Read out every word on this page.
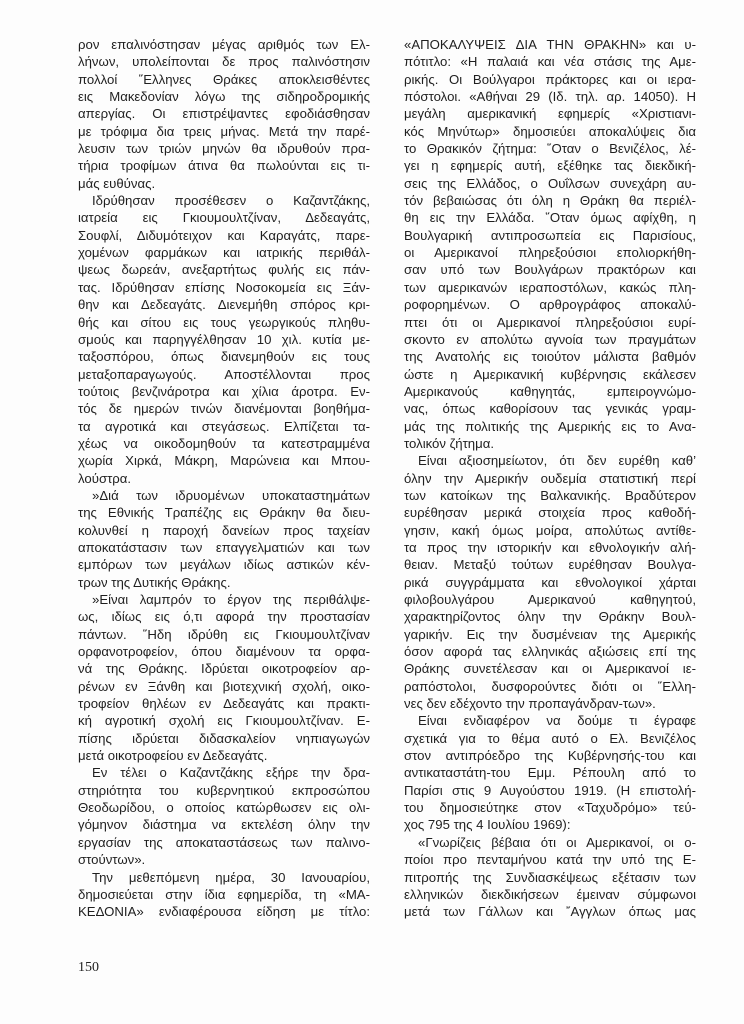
ρον επαλινόστησαν μέγας αριθμός των Ελ-
λήνων, υπολείπονται δε προς παλινόστησιν
πολλοί ῞Ελληνες Θράκες αποκλεισθέντες
εις Μακεδονίαν λόγω της σιδηροδρομικής
απεργίας. Οι επιστρέψαντες εφοδιάσθησαν
με τρόφιμα δια τρεις μήνας. Μετά την παρέ-
λευσιν των τριών μηνών θα ιδρυθούν πρα-
τήρια τροφίμων άτινα θα πωλούνται εις τι-
μάς ευθύνας.
Ιδρύθησαν προσέθεσεν ο Καζαντζάκης,
ιατρεία εις Γκιουμουλτζίναν, Δεδεαγάτς,
Σουφλί, Διδυμότειχον και Καραγάτς, παρε-
χομένων φαρμάκων και ιατρικής περιθάλ-
ψεως δωρεάν, ανεξαρτήτως φυλής εις πάν-
τας. Ιδρύθησαν επίσης Νοσοκομεία εις Ξάν-
θην και Δεδεαγάτς. Διενεμήθη σπόρος κρι-
θής και σίτου εις τους γεωργικούς πληθυ-
σμούς και παρηγγέλθησαν 10 χιλ. κυτία με-
ταξοσπόρου, όπως διανεμηθούν εις τους
μεταξοπαραγωγούς. Αποστέλλονται προς
τούτοις βενζινάροτρα και χίλια άροτρα. Εν-
τός δε ημερών τινών διανέμονται βοηθήμα-
τα αγροτικά και στεγάσεως. Ελπίζεται τα-
χέως να οικοδομηθούν τα κατεστραμμένα
χωρία Χιρκά, Μάκρη, Μαρώνεια και Μπου-
λούστρα.
»Διά των ιδρυομένων υποκαταστημάτων
της Εθνικής Τραπέζης εις Θράκην θα διευ-
κολυνθεί η παροχή δανείων προς ταχείαν
αποκατάστασιν των επαγγελματιών και των
εμπόρων των μεγάλων ιδίως αστικών κέν-
τρων της Δυτικής Θράκης.
»Είναι λαμπρόν το έργον της περιθάλψε-
ως, ιδίως εις ό,τι αφορά την προστασίαν
πάντων. ῞Ηδη ιδρύθη εις Γκιουμουλτζίναν
ορφανοτροφείον, όπου διαμένουν τα ορφα-
νά της Θράκης. Ιδρύεται οικοτροφείον αρ-
ρένων εν Ξάνθη και βιοτεχνική σχολή, οικο-
τροφείον θηλέων εν Δεδεαγάτς και πρακτι-
κή αγροτική σχολή εις Γκιουμουλτζίναν. Ε-
πίσης ιδρύεται διδασκαλείον νηπιαγωγών
μετά οικοτροφείου εν Δεδεαγάτς.
Εν τέλει ο Καζαντζάκης εξήρε την δρα-
στηριότητα του κυβερνητικού εκπροσώπου
Θεοδωρίδου, ο οποίος κατώρθωσεν εις ολι-
γόμηνον διάστημα να εκτελέση όλην την
εργασίαν της αποκαταστάσεως των παλινο-
στούντων».
Την μεθεπόμενη ημέρα, 30 Ιανουαρίου,
δημοσιεύεται στην ίδια εφημερίδα, τη «ΜΑ-
ΚΕΔΟΝΙΑ» ενδιαφέρουσα είδηση με τίτλο:
«ΑΠΟΚΑΛΥΨΕΙΣ ΔΙΑ ΤΗΝ ΘΡΑΚΗΝ» και υ-
πότιτλο: «Η παλαιά και νέα στάσις της Αμε-
ρικής. Οι Βούλγαροι πράκτορες και οι ιερα-
πόστολοι. «Αθήναι 29 (Ιδ. τηλ. αρ. 14050). Η
μεγάλη αμερικανική εφημερίς «Χριστιανι-
κός Μηνύτωρ» δημοσιεύει αποκαλύψεις δια
το Θρακικόν ζήτημα: ῞Οταν ο Βενιζέλος, λέ-
γει η εφημερίς αυτή, εξέθηκε τας διεκδική-
σεις της Ελλάδος, ο Ουΐλσων συνεχάρη αυ-
τόν βεβαιώσας ότι όλη η Θράκη θα περιέλ-
θη εις την Ελλάδα. ῞Οταν όμως αφίχθη, η
Βουλγαρική αντιπροσωπεία εις Παρισίους,
οι Αμερικανοί πληρεξούσιοι επολιορκήθη-
σαν υπό των Βουλγάρων πρακτόρων και
των αμερικανών ιεραποστόλων, κακώς πλη-
ροφορημένων. Ο αρθρογράφος αποκαλύ-
πτει ότι οι Αμερικανοί πληρεξούσιοι ευρί-
σκοντο εν απολύτω αγνοία των πραγμάτων
της Ανατολής εις τοιούτον μάλιστα βαθμόν
ώστε η Αμερικανική κυβέρνησις εκάλεσεν
Αμερικανούς καθηγητάς, εμπειρογνώμο-
νας, όπως καθορίσουν τας γενικάς γραμ-
μάς της πολιτικής της Αμερικής εις το Ανα-
τολικόν ζήτημα.
Είναι αξιοσημείωτον, ότι δεν ευρέθη καθ’
όλην την Αμερικήν ουδεμία στατιστική περί
των κατοίκων της Βαλκανικής. Βραδύτερον
ευρέθησαν μερικά στοιχεία προς καθοδή-
γησιν, κακή όμως μοίρα, απολύτως αντίθε-
τα προς την ιστορικήν και εθνολογικήν αλή-
θειαν. Μεταξύ τούτων ευρέθησαν Βουλγα-
ρικά συγγράμματα και εθνολογικοί χάρται
φιλοβουλγάρου Αμερικανού καθηγητού,
χαρακτηρίζοντος όλην την Θράκην Βουλ-
γαρικήν. Εις την δυσμένειαν της Αμερικής
όσον αφορά τας ελληνικάς αξιώσεις επί της
Θράκης συνετέλεσαν και οι Αμερικανοί ιε-
ραπόστολοι, δυσφορούντες διότι οι ῞Ελλη-
νες δεν εδέχοντο την προπαγάνδραν-των».
Είναι ενδιαφέρον να δούμε τι έγραφε
σχετικά για το θέμα αυτό ο Ελ. Βενιζέλος
στον αντιπρόεδρο της Κυβέρνησής-του και
αντικαταστάτη-του Εμμ. Ρέπουλη από το
Παρίσι στις 9 Αυγούστου 1919. (Η επιστολή-
του δημοσιεύτηκε στον «Ταχυδρόμο» τεύ-
χος 795 της 4 Ιουλίου 1969):
«Γνωρίζεις βέβαια ότι οι Αμερικανοί, οι ο-
ποίοι προ πενταμήνου κατά την υπό της Ε-
πιτροπής της Συνδιασκέψεως εξέτασιν των
ελληνικών διεκδικήσεων έμειναν σύμφωνοι
μετά των Γάλλων και ῎Αγγλων όπως μας
150
